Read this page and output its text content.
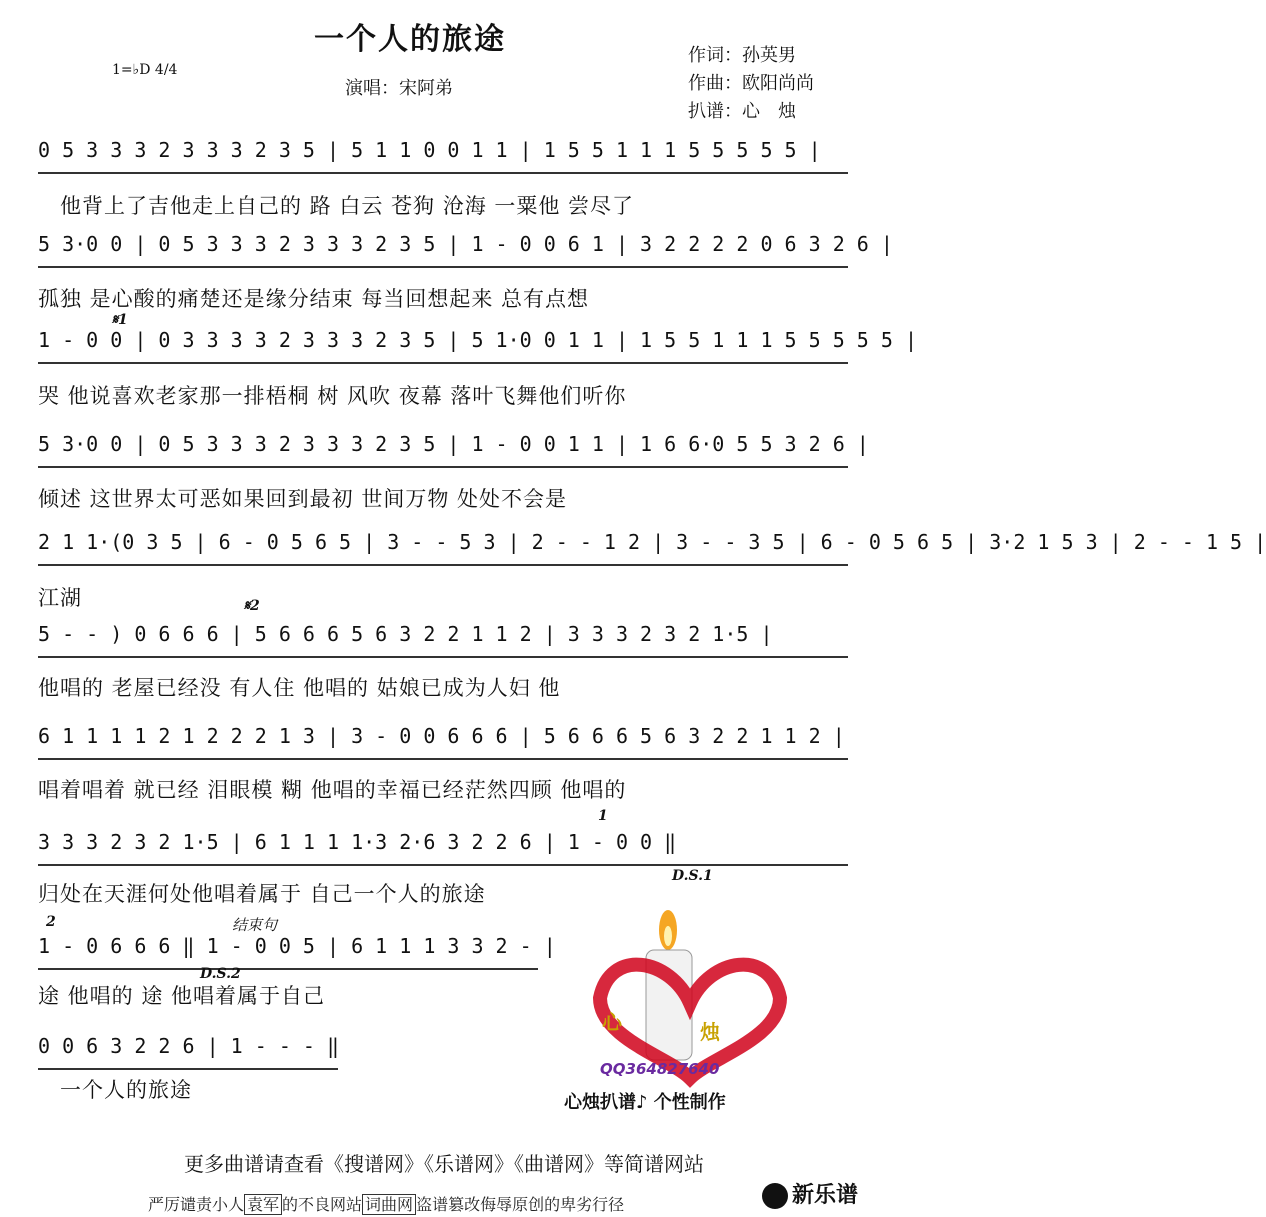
一个人的旅途
1=♭D 4/4
演唱：宋阿弟
作词：孙英男
作曲：欧阳尚尚
扒谱：心　烛
0 5 3 3 3 2 3 3 3 2 3 5 | 5 1 1 0 0 1 1 | 1 5 5 1 1 1 5 5 5 5 5 |
他背上了吉他走上自己的 路 白云 苍狗 沧海 一粟他 尝尽了
5 3·0 0 | 0 5 3 3 3 2 3 3 3 2 3 5 | 1 - 0 0 6 1 | 3 2 2 2 2 0 6 3 2 6 |
孤独 是心酸的痛楚还是缘分结束 每当回想起来 总有点想
𝄋1
1 - 0 0 | 0 3 3 3 3 2 3 3 3 2 3 5 | 5 1·0 0 1 1 | 1 5 5 1 1 1 5 5 5 5 5 |
哭 他说喜欢老家那一排梧桐 树 风吹 夜幕 落叶飞舞他们听你
5 3·0 0 | 0 5 3 3 3 2 3 3 3 2 3 5 | 1 - 0 0 1 1 | 1 6 6·0 5 5 3 2 6 |
倾述 这世界太可恶如果回到最初 世间万物 处处不会是
2 1 1·(0 3 5 | 6 - 0 5 6 5 | 3 - - 5 3 | 2 - - 1 2 | 3 - - 3 5 | 6 - 0 5 6 5 | 3·2 1 5 3 | 2 - - 1 5 |
江湖	𝄋2
5 - - ) 0 6 6 6 | 5 6 6 6 5 6 3 2 2 1 1 2 | 3 3 3 2 3 2 1·5 |
他唱的 老屋已经没 有人住 他唱的 姑娘已成为人妇 他
6 1 1 1 1 2 1 2 2 2 1 3 | 3 - 0 0 6 6 6 | 5 6 6 6 5 6 3 2 2 1 1 2 |
唱着唱着 就已经 泪眼模 糊 他唱的幸福已经茫然四顾 他唱的
1
3 3 3 2 3 2 1·5 | 6 1 1 1 1·3 2·6 3 2 2 6 | 1 - 0 0 ‖
D.S.1
归处在天涯何处他唱着属于 自己一个人的旅途
2	结束句
1 - 0 6 6 6 ‖ 1 - 0 0 5 | 6 1 1 1 3 3 2 - |
D.S.2
途 他唱的 途 他唱着属于自己
0 0 6 3 2 2 6 | 1 - - - ‖
一个人的旅途
心	烛
QQ364827640
心烛扒谱♪ 个性制作
更多曲谱请查看《搜谱网》《乐谱网》《曲谱网》等简谱网站
严厉谴责小人 袁军 的不良网站 词曲网 盗谱篡改侮辱原创的卑劣行径	新乐谱
